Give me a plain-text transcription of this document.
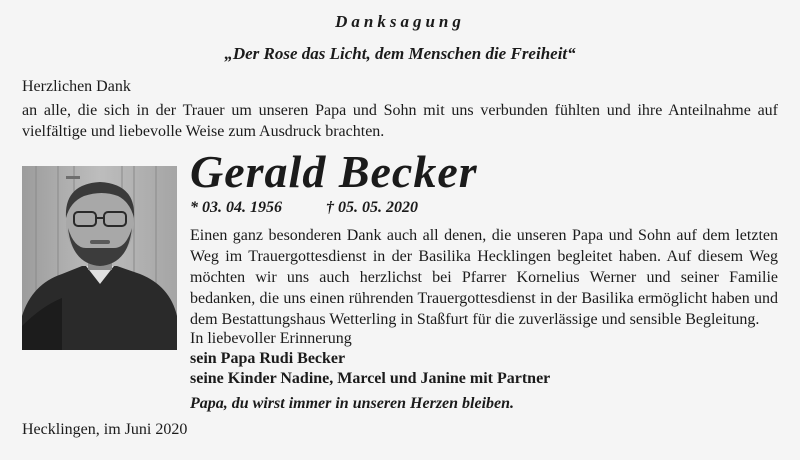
Danksagung
„Der Rose das Licht, dem Menschen die Freiheit“
Herzlichen Dank
an alle, die sich in der Trauer um unseren Papa und Sohn mit uns verbunden fühlten und ihre Anteilnahme auf vielfältige und liebevolle Weise zum Ausdruck brachten.
Gerald Becker
* 03. 04. 1956	† 05. 05. 2020
Einen ganz besonderen Dank auch all denen, die unseren Papa und Sohn auf dem letzten Weg im Trauergottesdienst in der Basilika Hecklingen begleitet haben. Auf diesem Weg möchten wir uns auch herzlichst bei Pfarrer Kornelius Werner und seiner Familie bedanken, die uns einen rührenden Trauergottesdienst in der Basilika ermöglicht haben und dem Bestattungshaus Wetterling in Staßfurt für die zuverlässige und sensible Begleitung.
In liebevoller Erinnerung
sein Papa Rudi Becker
seine Kinder Nadine, Marcel und Janine mit Partner
Papa, du wirst immer in unseren Herzen bleiben.
Hecklingen, im Juni 2020
